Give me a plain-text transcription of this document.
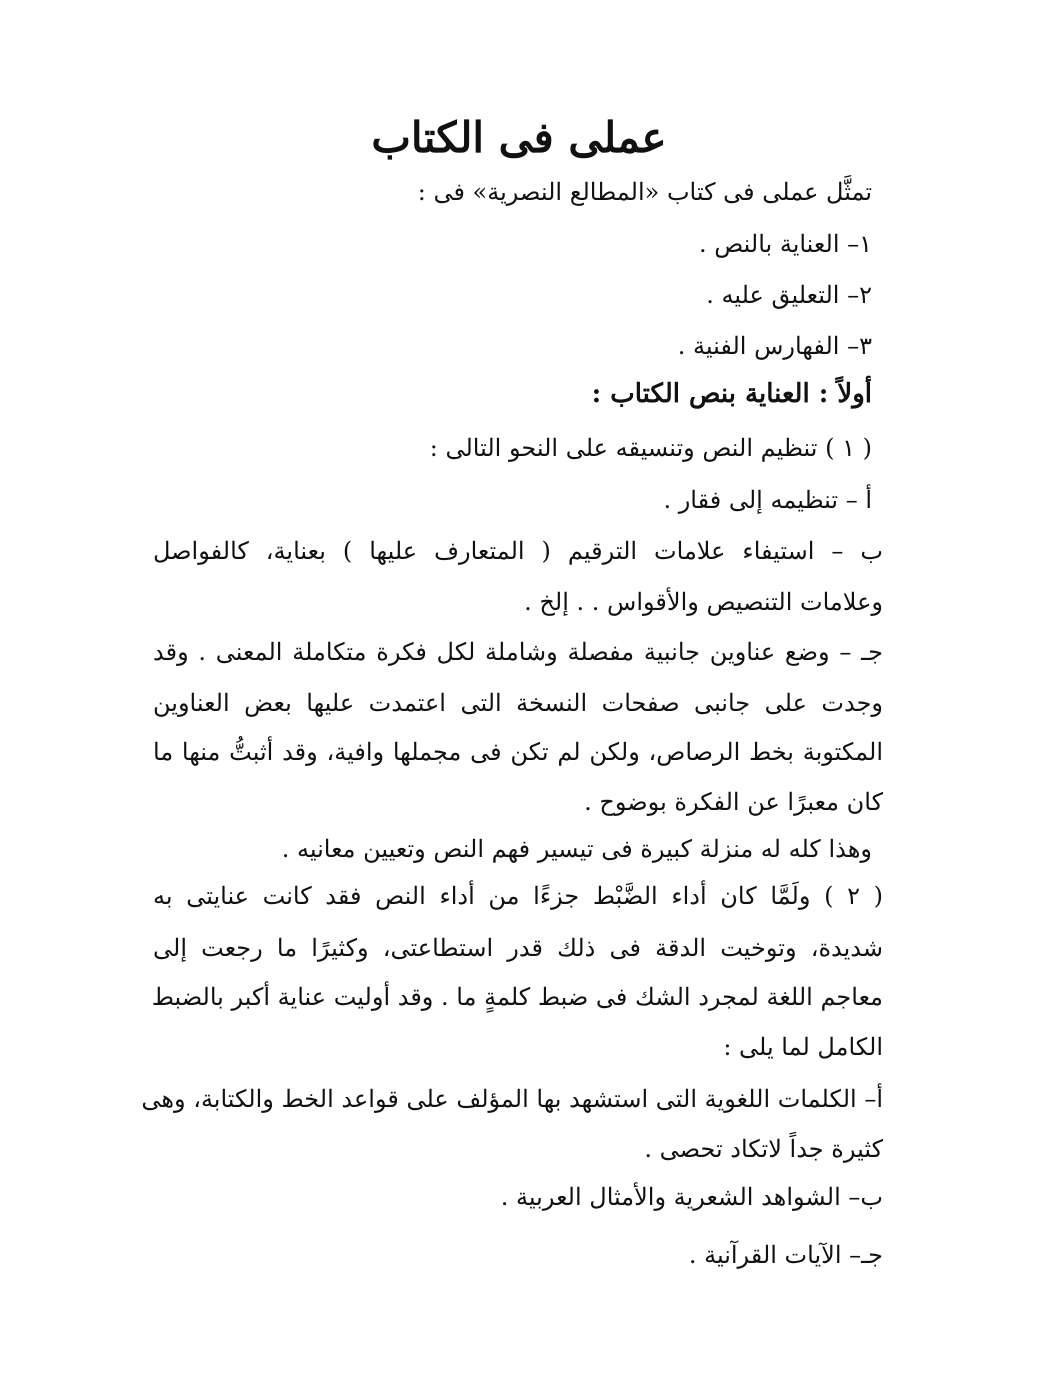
عملى فى الكتاب
تمثَّل عملى فى كتاب «المطالع النصرية» فى :
١– العناية بالنص .
٢– التعليق عليه .
٣– الفهارس الفنية .
أولاً : العناية بنص الكتاب :
( ١ ) تنظيم النص وتنسيقه على النحو التالى :
أ – تنظيمه إلى فقار .
ب – استيفاء علامات الترقيم ( المتعارف عليها ) بعناية، كالفواصل
وعلامات التنصيص والأقواس . . إلخ .
جـ – وضع عناوين جانبية مفصلة وشاملة لكل فكرة متكاملة المعنى . وقد
وجدت على جانبى صفحات النسخة التى اعتمدت عليها بعض العناوين
المكتوبة بخط الرصاص، ولكن لم تكن فى مجملها وافية، وقد أثبتُّ منها ما
كان معبرًا عن الفكرة بوضوح .
وهذا كله له منزلة كبيرة فى تيسير فهم النص وتعيين معانيه .
( ٢ ) ولَمَّا كان أداء الضَّبْط جزءًا من أداء النص فقد كانت عنايتى به
شديدة، وتوخيت الدقة فى ذلك قدر استطاعتى، وكثيرًا ما رجعت إلى
معاجم اللغة لمجرد الشك فى ضبط كلمةٍ ما . وقد أوليت عناية أكبر بالضبط
الكامل لما يلى :
أ– الكلمات اللغوية التى استشهد بها المؤلف على قواعد الخط والكتابة، وهى
كثيرة جداً لاتكاد تحصى .
ب– الشواهد الشعرية والأمثال العربية .
جـ– الآيات القرآنية .
